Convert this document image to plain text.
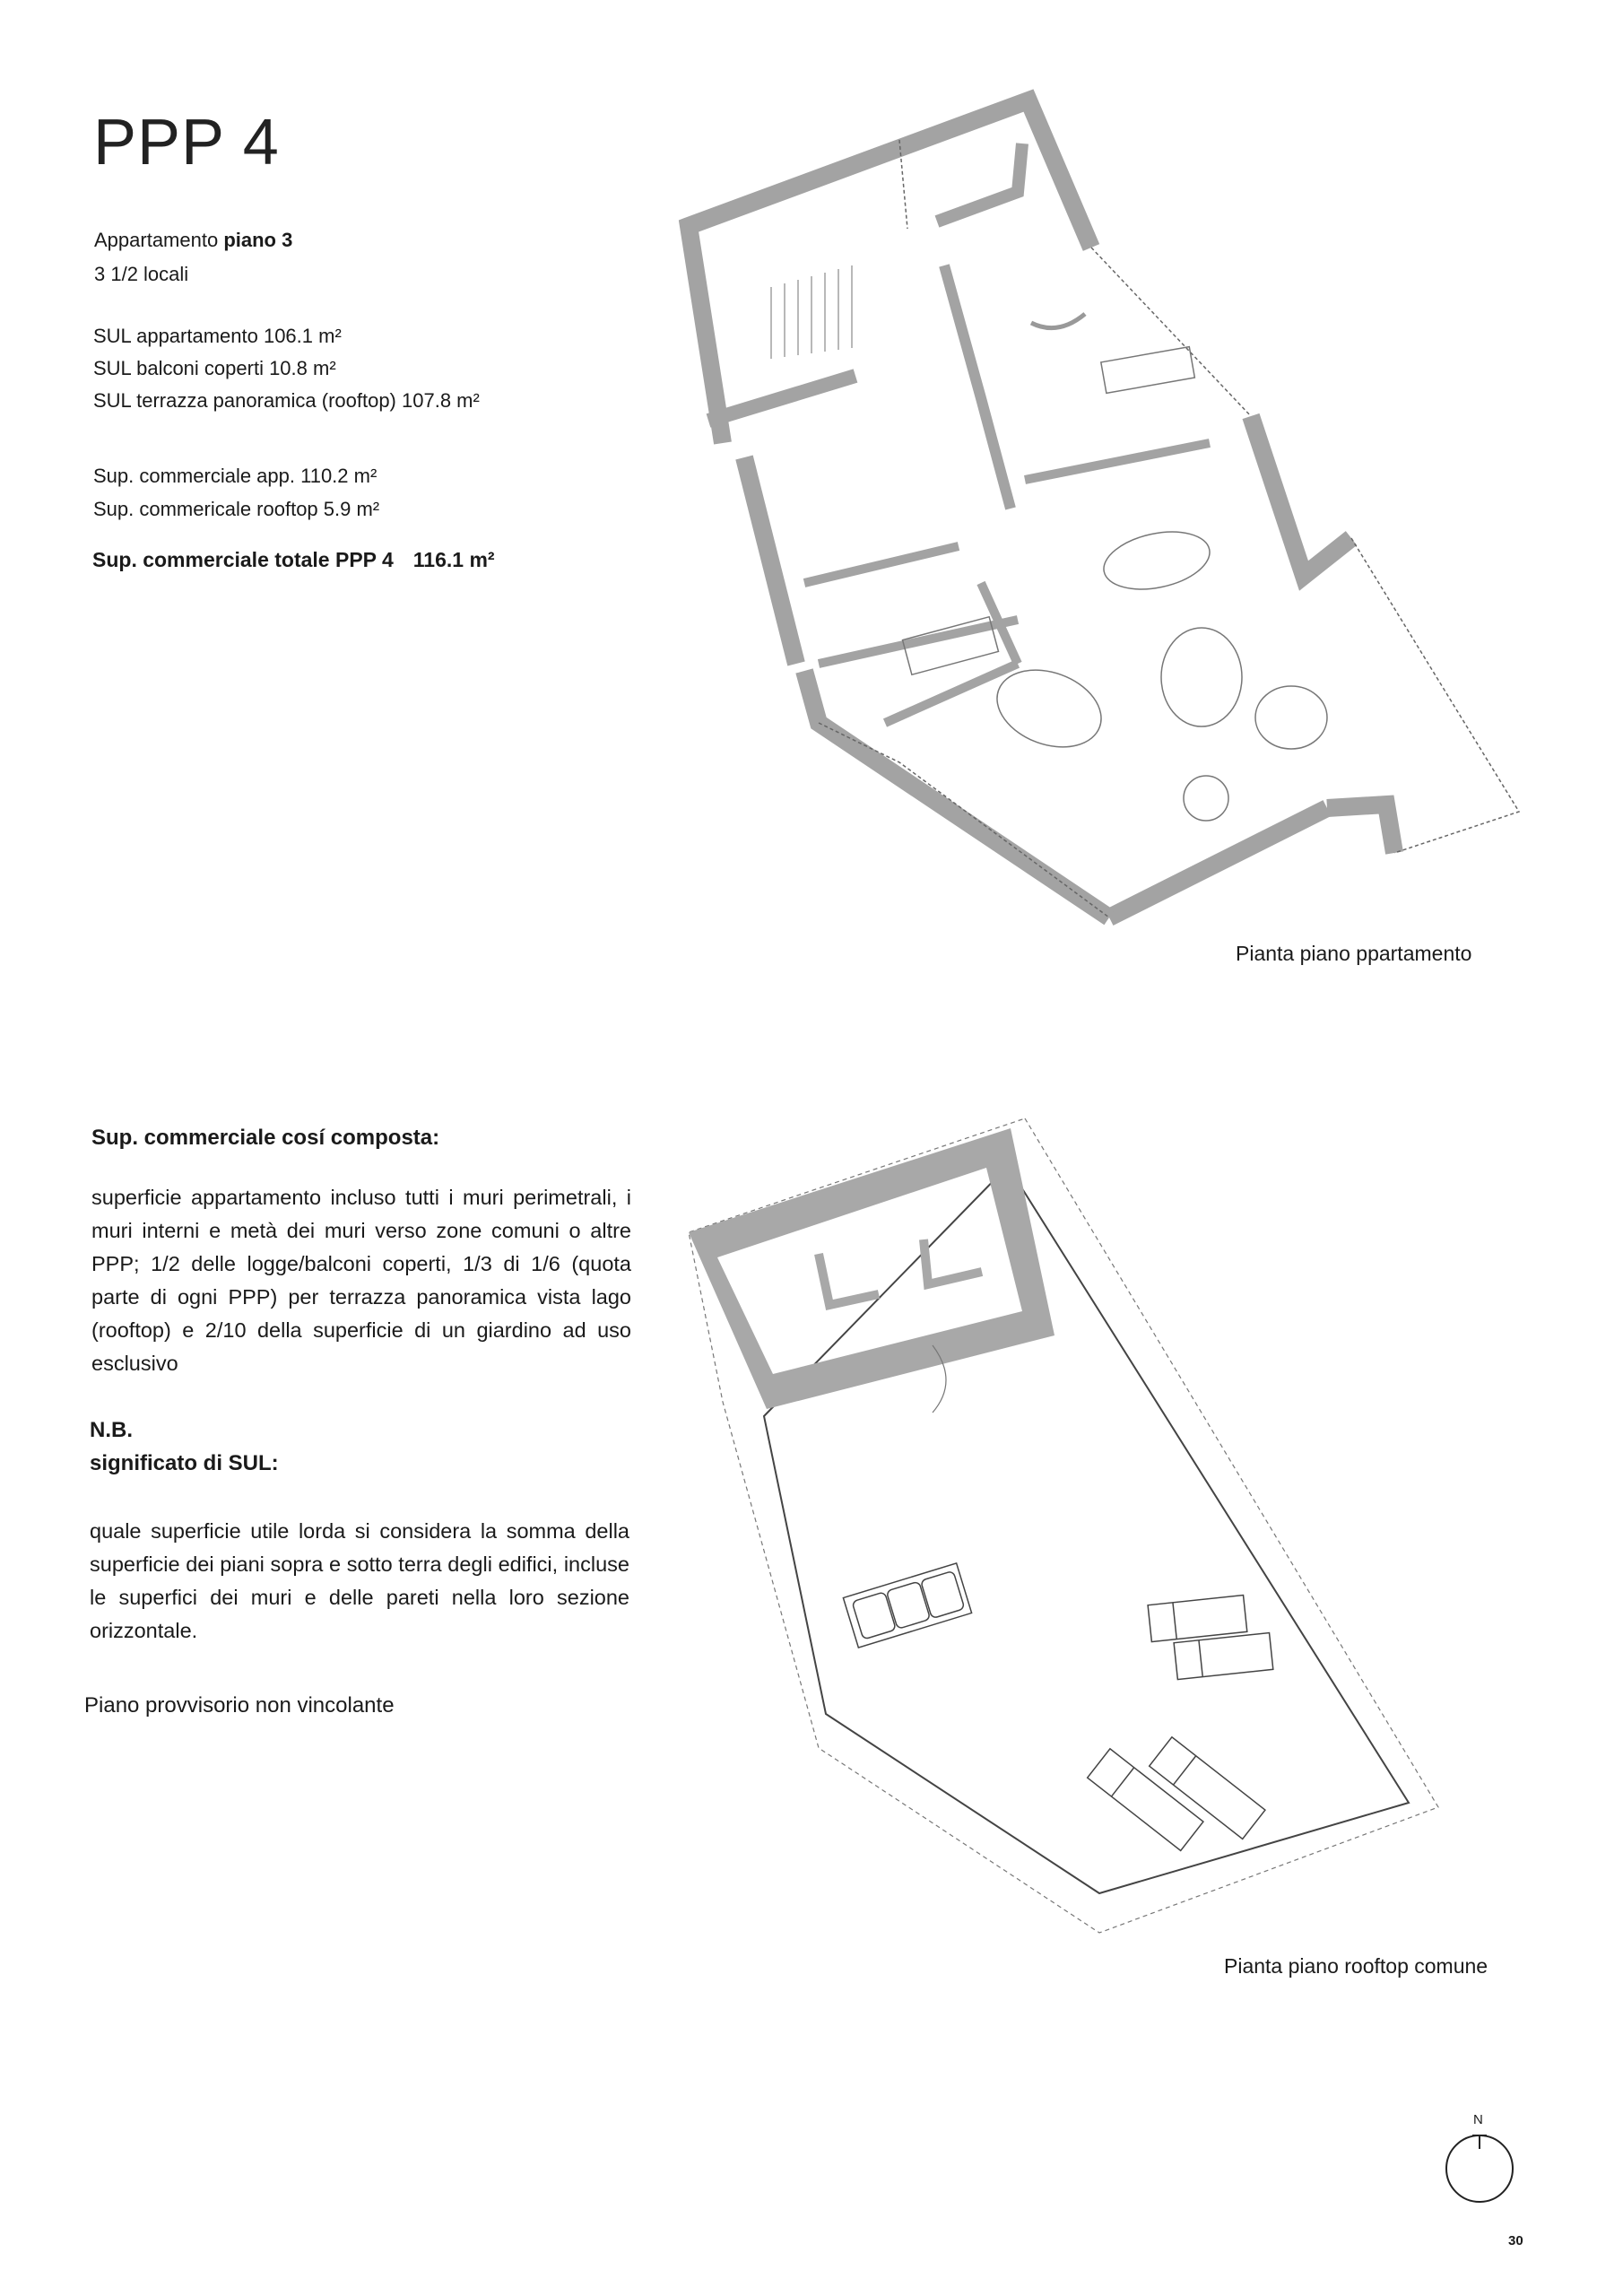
PPP 4
Appartamento piano 3
3 1/2 locali
SUL appartamento 106.1 m²
SUL balconi coperti 10.8 m²
SUL terrazza panoramica (rooftop) 107.8 m²
Sup. commerciale app. 110.2 m²
Sup. commericale rooftop 5.9 m²
Sup. commerciale totale PPP 4 116.1 m²
Sup. commerciale cosí composta:
superficie appartamento incluso tutti i muri perimetrali, i muri interni e metà dei muri verso zone comuni o altre PPP; 1/2 delle logge/balconi coperti, 1/3 di 1/6 (quota parte di ogni PPP) per terrazza panoramica vista lago (rooftop) e 2/10 della superficie di un giardino ad uso esclusivo
N.B.
significato di SUL:
quale superficie utile lorda si considera la somma della superficie dei piani sopra e sotto terra degli edifici, incluse le superfici dei muri e delle pareti nella loro sezione orizzontale.
Piano provvisorio non vincolante
Pianta piano ppartamento
Pianta piano rooftop comune
N
30
